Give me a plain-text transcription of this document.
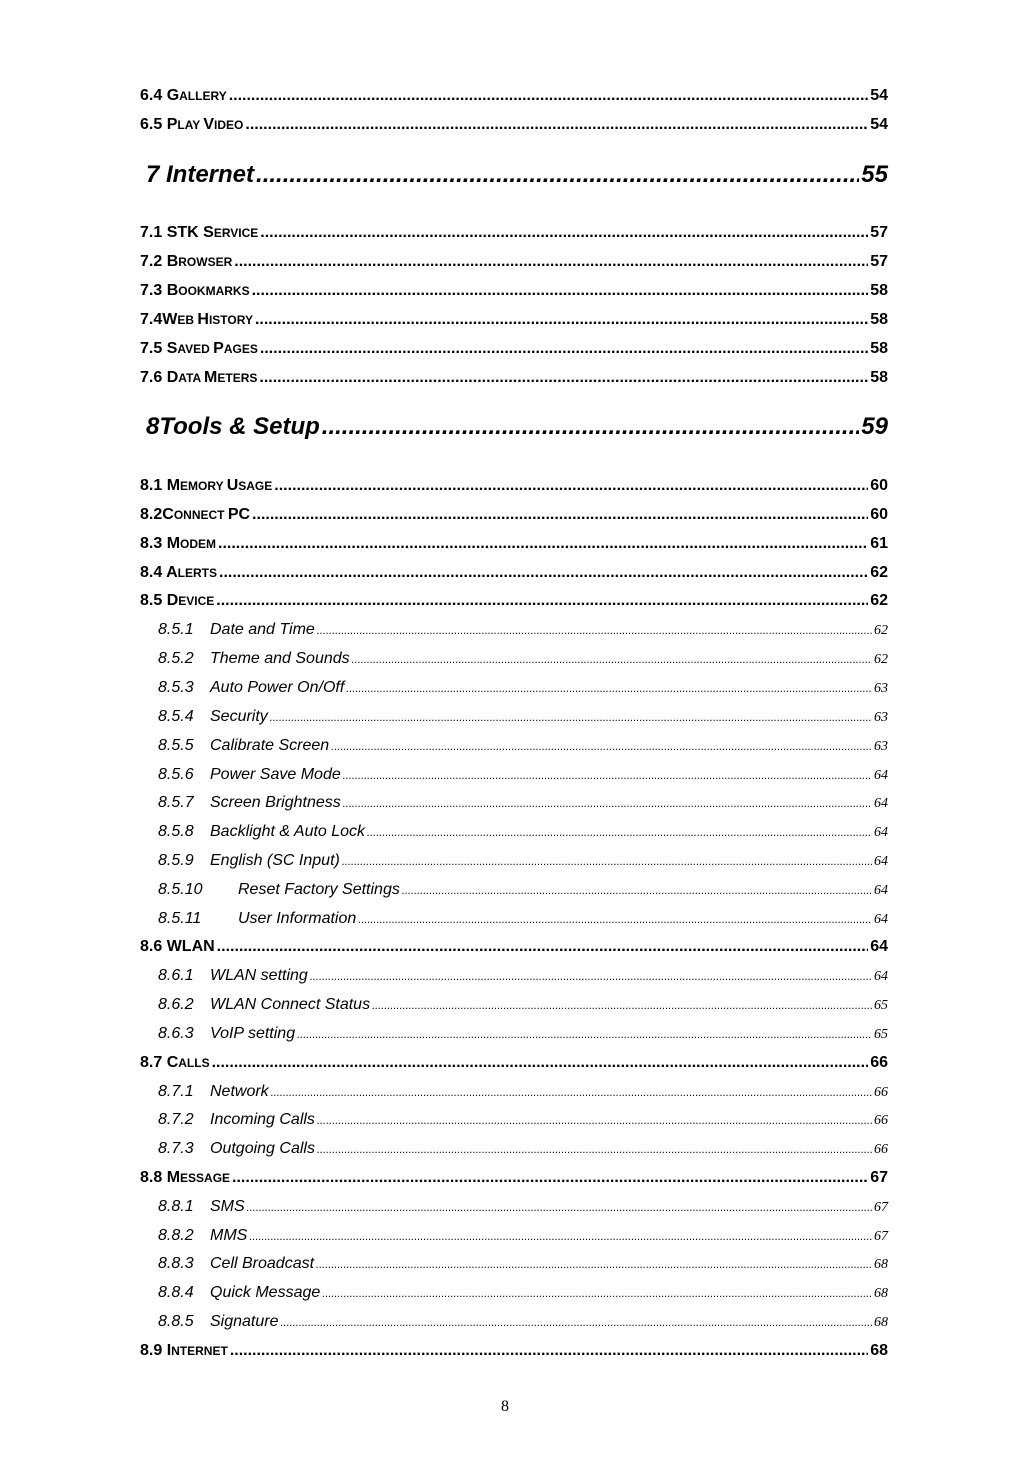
6.4 GALLERY .....	54
6.5 PLAY VIDEO .....	54
7 Internet .....	55
7.1 STK SERVICE .....	57
7.2 BROWSER .....	57
7.3 BOOKMARKS .....	58
7.4WEB HISTORY .....	58
7.5 SAVED PAGES .....	58
7.6 DATA METERS .....	58
8Tools & Setup .....	59
8.1 MEMORY USAGE .....	60
8.2CONNECT PC .....	60
8.3 MODEM .....	61
8.4 ALERTS .....	62
8.5 DEVICE .....	62
8.5.1	Date and Time .....	62
8.5.2	Theme and Sounds .....	62
8.5.3	Auto Power On/Off .....	63
8.5.4	Security .....	63
8.5.5	Calibrate Screen .....	63
8.5.6	Power Save Mode .....	64
8.5.7	Screen Brightness .....	64
8.5.8	Backlight & Auto Lock .....	64
8.5.9	English (SC Input) .....	64
8.5.10	Reset Factory Settings .....	64
8.5.11	User Information .....	64
8.6 WLAN .....	64
8.6.1	WLAN setting .....	64
8.6.2	WLAN Connect Status .....	65
8.6.3	VoIP setting .....	65
8.7 CALLS .....	66
8.7.1	Network .....	66
8.7.2	Incoming Calls .....	66
8.7.3	Outgoing Calls .....	66
8.8 MESSAGE .....	67
8.8.1	SMS .....	67
8.8.2	MMS .....	67
8.8.3	Cell Broadcast .....	68
8.8.4	Quick Message .....	68
8.8.5	Signature .....	68
8.9 INTERNET .....	68
8
